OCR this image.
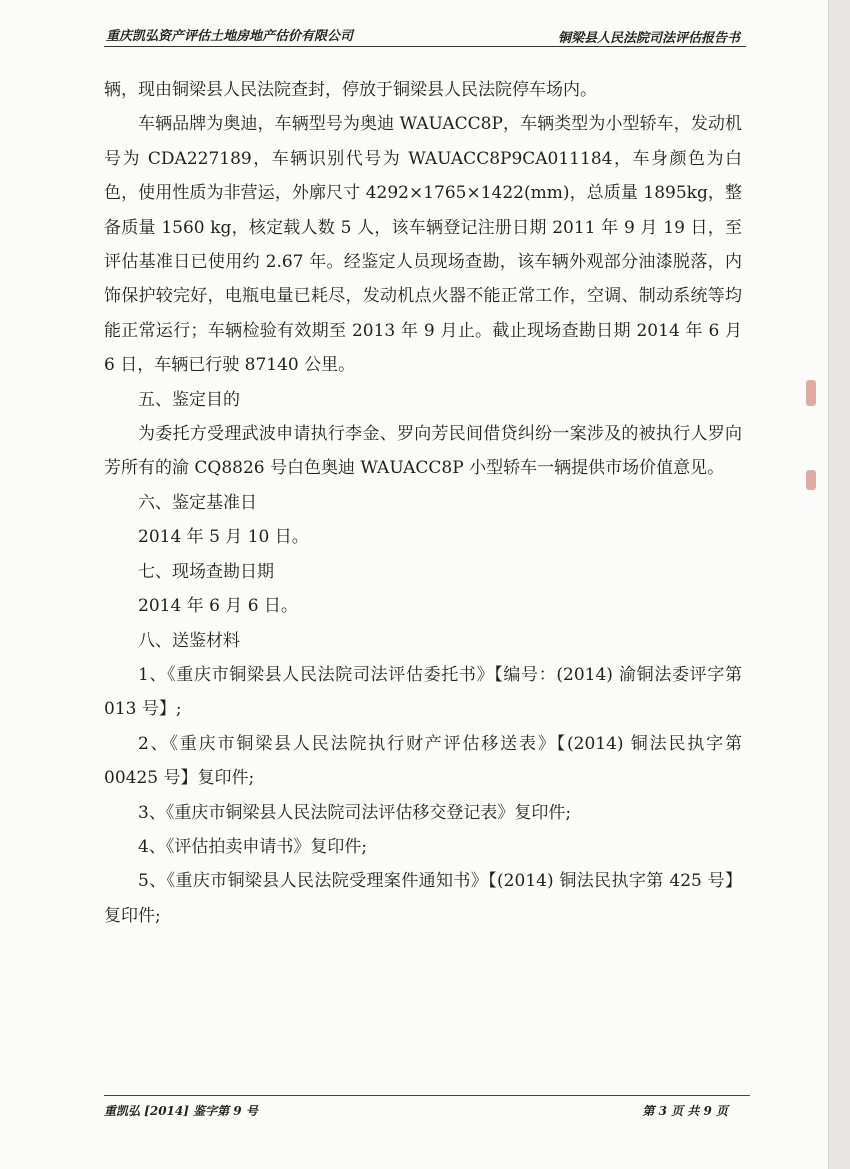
重庆凯弘资产评估土地房地产估价有限公司	铜梁县人民法院司法评估报告书

辆，现由铜梁县人民法院查封，停放于铜梁县人民法院停车场内。

车辆品牌为奥迪，车辆型号为奥迪 WAUACC8P，车辆类型为小型轿车，发动机号为 CDA227189，车辆识别代号为 WAUACC8P9CA011184，车身颜色为白色，使用性质为非营运，外廓尺寸 4292×1765×1422(mm)，总质量 1895kg，整备质量 1560 kg，核定载人数 5 人，该车辆登记注册日期 2011 年 9 月 19 日，至评估基准日已使用约 2.67 年。经鉴定人员现场查勘，该车辆外观部分油漆脱落，内饰保护较完好，电瓶电量已耗尽，发动机点火器不能正常工作，空调、制动系统等均能正常运行；车辆检验有效期至 2013 年 9 月止。截止现场查勘日期 2014 年 6 月 6 日，车辆已行驶 87140 公里。

五、鉴定目的

为委托方受理武波申请执行李金、罗向芳民间借贷纠纷一案涉及的被执行人罗向芳所有的渝 CQ8826 号白色奥迪 WAUACC8P 小型轿车一辆提供市场价值意见。

六、鉴定基准日

2014 年 5 月 10 日。

七、现场查勘日期

2014 年 6 月 6 日。

八、送鉴材料

1、《重庆市铜梁县人民法院司法评估委托书》【编号：(2014) 渝铜法委评字第 013 号】;

2、《重庆市铜梁县人民法院执行财产评估移送表》【(2014) 铜法民执字第 00425 号】复印件;

3、《重庆市铜梁县人民法院司法评估移交登记表》复印件;

4、《评估拍卖申请书》复印件;

5、《重庆市铜梁县人民法院受理案件通知书》【(2014) 铜法民执字第 425 号】复印件;

重凯弘 [2014] 鉴字第 9 号	第 3 页 共 9 页
